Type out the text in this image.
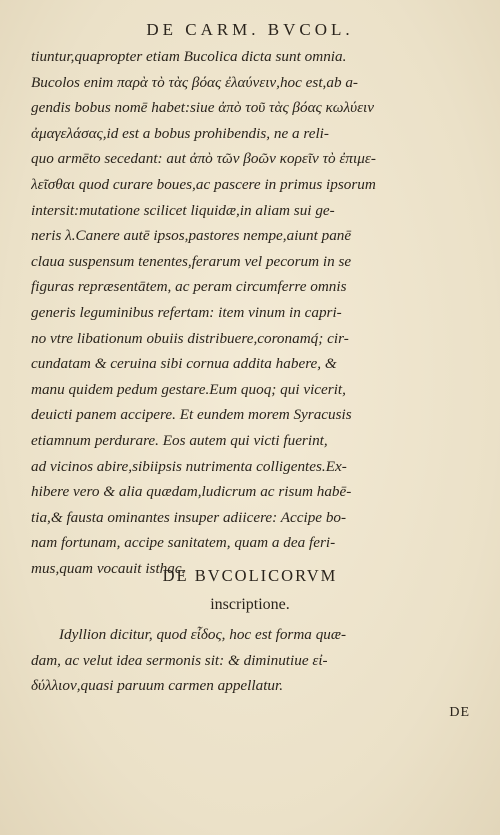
DE CARM. BVCOL.
tiuntur,quapropter etiam Bucolica dicta sunt omnia.
Bucolos enim παρὰ τὸ τὰς βόας ἐλαύνειν,hoc est,ab a-
gendis bobus nomē habet:siue ἀπὸ τοῦ τὰς βόας κωλύειν
ἀμαγελάσας,id est a bobus prohibendis, ne a reli-
quo armēto secedant: aut ἀπὸ τῶν βοῶν κορεῖν τὸ ἐπιμε-
λεῖσθαι quod curare boues,ac pascere in primus ipsorum
intersit:mutatione scilicet liquidæ,in aliam sui ge-
neris λ.Canere autē ipsos,pastores nempe,aiunt panē
claua suspensum tenentes,ferarum vel pecorum in se
figuras repræsentātem, ac peram circumferre omnis
generis leguminibus refertam: item vinum in capri-
no vtre libationum obuiis distribuere,coronamq́; cir-
cundatam & ceruina sibi cornua addita habere, &
manu quidem pedum gestare.Eum quoq; qui vicerit,
deuicti panem accipere. Et eundem morem Syracusis
etiamnum perdurare. Eos autem qui victi fuerint,
ad vicinos abire,sibiipsis nutrimenta colligentes.Ex-
hibere vero & alia quædam,ludicrum ac risum habē-
tia,& fausta ominantes insuper adiicere: Accipe bo-
nam fortunam, accipe sanitatem, quam a dea feri-
mus,quam vocauit isthac.
DE BVCOLICORVM
inscriptione.
Idyllion dicitur, quod εἶδος, hoc est forma quæ-
dam, ac velut idea sermonis sit: & diminutiue εἰ-
δύλλιον,quasi paruum carmen appellatur.
DE
